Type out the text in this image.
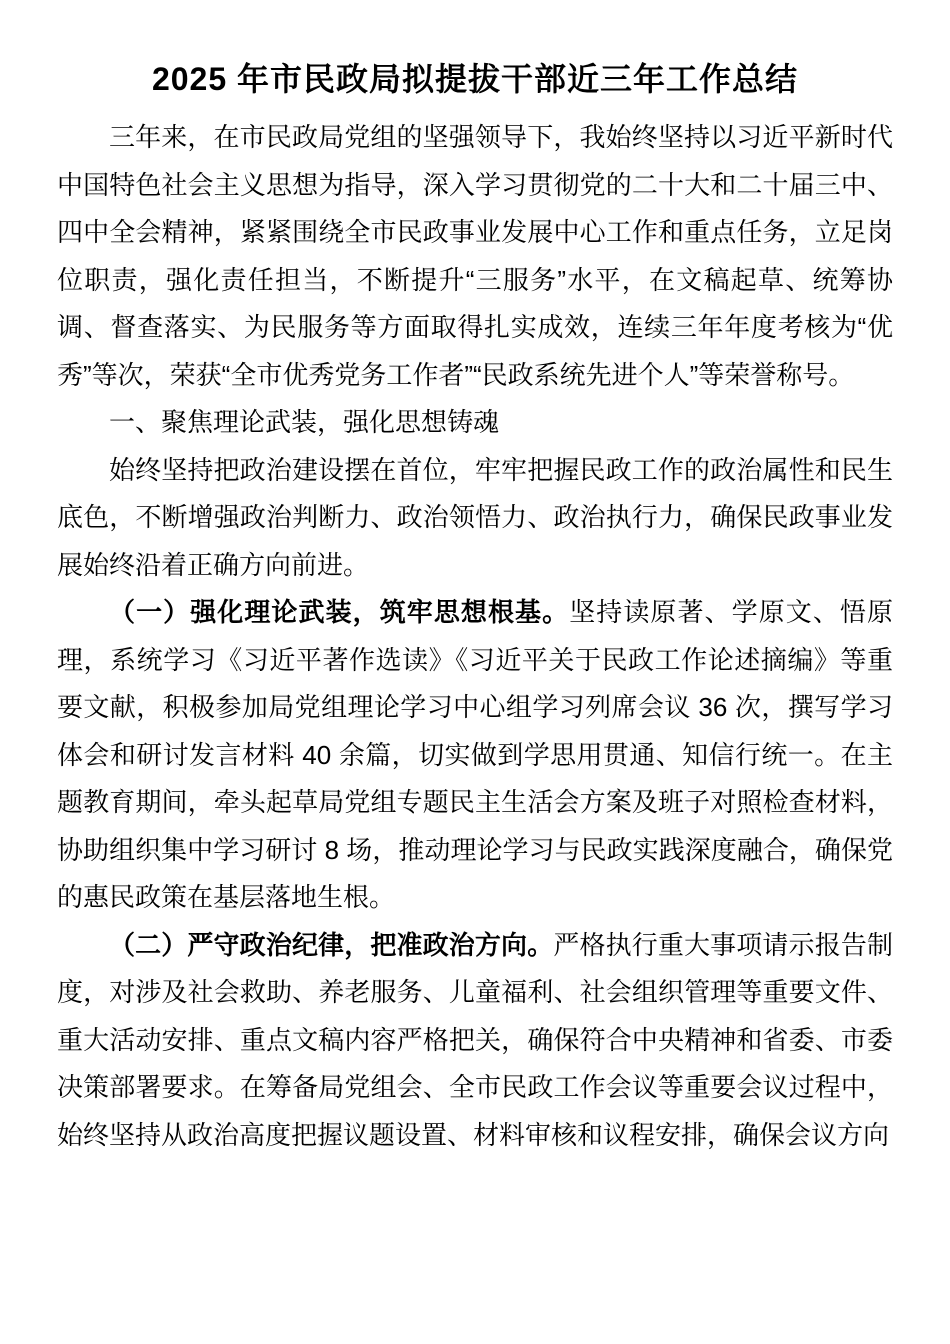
2025 年市民政局拟提拔干部近三年工作总结

三年来，在市民政局党组的坚强领导下，我始终坚持以习近平新时代中国特色社会主义思想为指导，深入学习贯彻党的二十大和二十届三中、四中全会精神，紧紧围绕全市民政事业发展中心工作和重点任务，立足岗位职责，强化责任担当，不断提升“三服务”水平，在文稿起草、统筹协调、督查落实、为民服务等方面取得扎实成效，连续三年年度考核为“优秀”等次，荣获“全市优秀党务工作者”“民政系统先进个人”等荣誉称号。

一、聚焦理论武装，强化思想铸魂

始终坚持把政治建设摆在首位，牢牢把握民政工作的政治属性和民生底色，不断增强政治判断力、政治领悟力、政治执行力，确保民政事业发展始终沿着正确方向前进。

（一）强化理论武装，筑牢思想根基。坚持读原著、学原文、悟原理，系统学习《习近平著作选读》《习近平关于民政工作论述摘编》等重要文献，积极参加局党组理论学习中心组学习列席会议 36 次，撰写学习体会和研讨发言材料 40 余篇，切实做到学思用贯通、知信行统一。在主题教育期间，牵头起草局党组专题民主生活会方案及班子对照检查材料，协助组织集中学习研讨 8 场，推动理论学习与民政实践深度融合，确保党的惠民政策在基层落地生根。

（二）严守政治纪律，把准政治方向。严格执行重大事项请示报告制度，对涉及社会救助、养老服务、儿童福利、社会组织管理等重要文件、重大活动安排、重点文稿内容严格把关，确保符合中央精神和省委、市委决策部署要求。在筹备局党组会、全市民政工作会议等重要会议过程中，始终坚持从政治高度把握议题设置、材料审核和议程安排，确保会议方向
